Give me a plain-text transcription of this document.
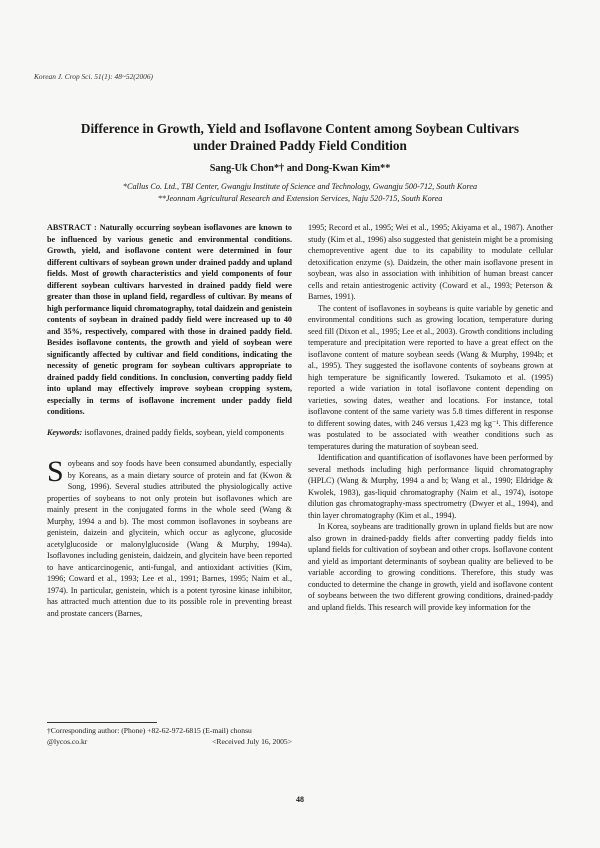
Korean J. Crop Sci. 51(1): 48~52(2006)
Difference in Growth, Yield and Isoflavone Content among Soybean Cultivars
under Drained Paddy Field Condition
Sang-Uk Chon*† and Dong-Kwan Kim**
*Callus Co. Ltd., TBI Center, Gwangju Institute of Science and Technology, Gwangju 500-712, South Korea
**Jeonnam Agricultural Research and Extension Services, Naju 520-715, South Korea
ABSTRACT : Naturally occurring soybean isoflavones are known to be influenced by various genetic and environmental conditions. Growth, yield, and isoflavone content were determined in four different cultivars of soybean grown under drained paddy and upland fields. Most of growth characteristics and yield components of four different soybean cultivars harvested in drained paddy field were greater than those in upland field, regardless of cultivar. By means of high performance liquid chromatography, total daidzein and genistein contents of soybean in drained paddy field were increased up to 40 and 35%, respectively, compared with those in drained paddy field. Besides isoflavone contents, the growth and yield of soybean were significantly affected by cultivar and field conditions, indicating the necessity of genetic program for soybean cultivars appropriate to drained paddy field conditions. In conclusion, converting paddy field into upland may effectively improve soybean cropping system, especially in terms of isoflavone increment under paddy field conditions.
Keywords: isoflavones, drained paddy fields, soybean, yield components
Soybeans and soy foods have been consumed abundantly, especially by Koreans, as a main dietary source of protein and fat (Kwon & Song, 1996). Several studies attributed the physiologically active properties of soybeans to not only protein but isoflavones which are mainly present in the conjugated forms in the whole seed (Wang & Murphy, 1994 a and b). The most common isoflavones in soybeans are genistein, daizein and glycitein, which occur as aglycone, glucoside acetylglucoside or malonylglucoside (Wang & Murphy, 1994a). Isoflavones including genistein, daidzein, and glycitein have been reported to have anticarcinogenic, anti-fungal, and antioxidant activities (Kim, 1996; Coward et al., 1993; Lee et al., 1991; Barnes, 1995; Naim et al., 1974). In particular, genistein, which is a potent tyrosine kinase inhibitor, has attracted much attention due to its possible role in preventing breast and prostate cancers (Barnes,

1995; Record et al., 1995; Wei et al., 1995; Akiyama et al., 1987). Another study (Kim et al., 1996) also suggested that genistein might be a promising chemopreventive agent due to its capability to modulate cellular detoxification enzyme (s). Daidzein, the other main isoflavone present in soybean, was also in association with inhibition of human breast cancer cells and retain antiestrogenic activity (Coward et al., 1993; Peterson & Barnes, 1991).

The content of isoflavones in soybeans is quite variable by genetic and environmental conditions such as growing location, temperature during seed fill (Dixon et al., 1995; Lee et al., 2003). Growth conditions including temperature and precipitation were reported to have a great effect on the isoflavone content of mature soybean seeds (Wang & Murphy, 1994b; et al., 1995). They suggested the isoflavone contents of soybeans grown at high temperature be significantly lowered. Tsukamoto et al. (1995) reported a wide variation in total isoflavone content depending on varieties, sowing dates, weather and locations. For instance, total isoflavone content of the same variety was 5.8 times different in response to different sowing dates, with 246 versus 1,423 mg kg⁻¹. This difference was postulated to be associated with weather conditions such as temperatures during the maturation of soybean seed.

Identification and quantification of isoflavones have been performed by several methods including high performance liquid chromatography (HPLC) (Wang & Murphy, 1994 a and b; Wang et al., 1990; Eldridge & Kwolek, 1983), gas-liquid chromatography (Naim et al., 1974), isotope dilution gas chromatography-mass spectrometry (Dwyer et al., 1994), and thin layer chromatography (Kim et al., 1994).

In Korea, soybeans are traditionally grown in upland fields but are now also grown in drained-paddy fields after converting paddy fields into upland fields for cultivation of soybean and other crops. Isoflavone content and yield as important determinants of soybean quality are believed to be variable according to growing conditions. Therefore, this study was conducted to determine the change in growth, yield and isoflavone content of soybeans between the two different growing conditions, drained-paddy and upland fields. This research will provide key information for the

†Corresponding author: (Phone) +82-62-972-6815 (E-mail) chonsu
@lycos.co.kr	<Received July 16, 2005>
48
